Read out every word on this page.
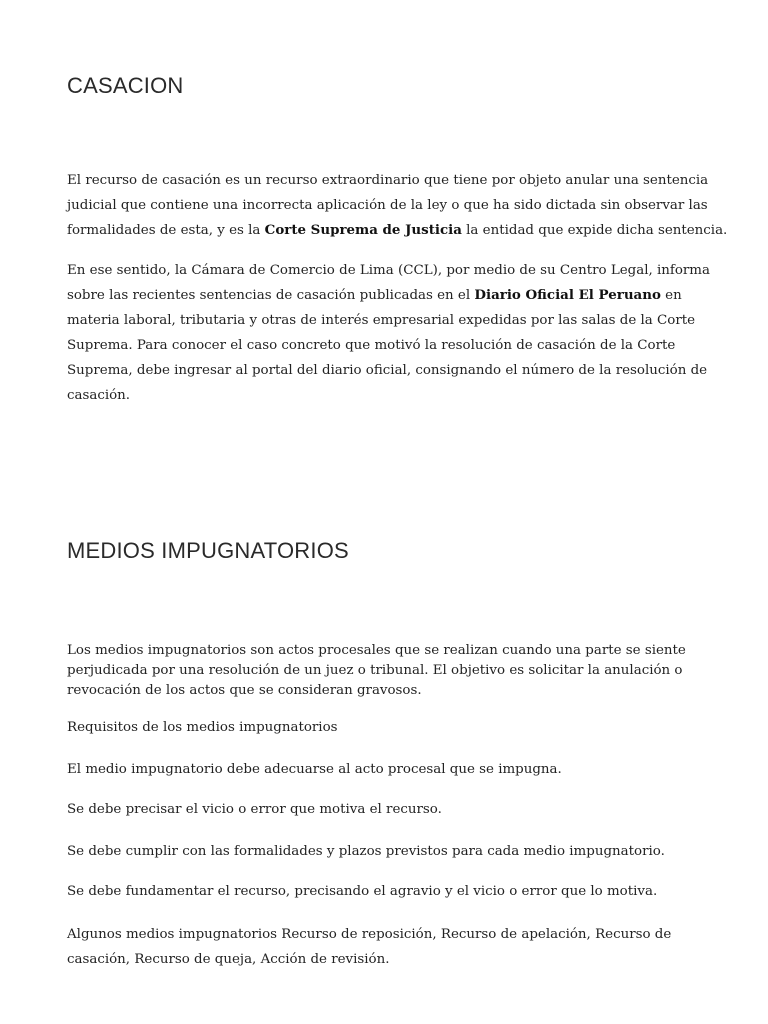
CASACION

El recurso de casación es un recurso extraordinario que tiene por objeto anular una sentencia judicial que contiene una incorrecta aplicación de la ley o que ha sido dictada sin observar las formalidades de esta, y es la Corte Suprema de Justicia la entidad que expide dicha sentencia.

En ese sentido, la Cámara de Comercio de Lima (CCL), por medio de su Centro Legal, informa sobre las recientes sentencias de casación publicadas en el Diario Oficial El Peruano en materia laboral, tributaria y otras de interés empresarial expedidas por las salas de la Corte Suprema. Para conocer el caso concreto que motivó la resolución de casación de la Corte Suprema, debe ingresar al portal del diario oficial, consignando el número de la resolución de casación.

MEDIOS IMPUGNATORIOS

Los medios impugnatorios son actos procesales que se realizan cuando una parte se siente perjudicada por una resolución de un juez o tribunal. El objetivo es solicitar la anulación o revocación de los actos que se consideran gravosos.

Requisitos de los medios impugnatorios

El medio impugnatorio debe adecuarse al acto procesal que se impugna.

Se debe precisar el vicio o error que motiva el recurso.

Se debe cumplir con las formalidades y plazos previstos para cada medio impugnatorio.

Se debe fundamentar el recurso, precisando el agravio y el vicio o error que lo motiva.

Algunos medios impugnatorios Recurso de reposición, Recurso de apelación, Recurso de casación, Recurso de queja, Acción de revisión.
